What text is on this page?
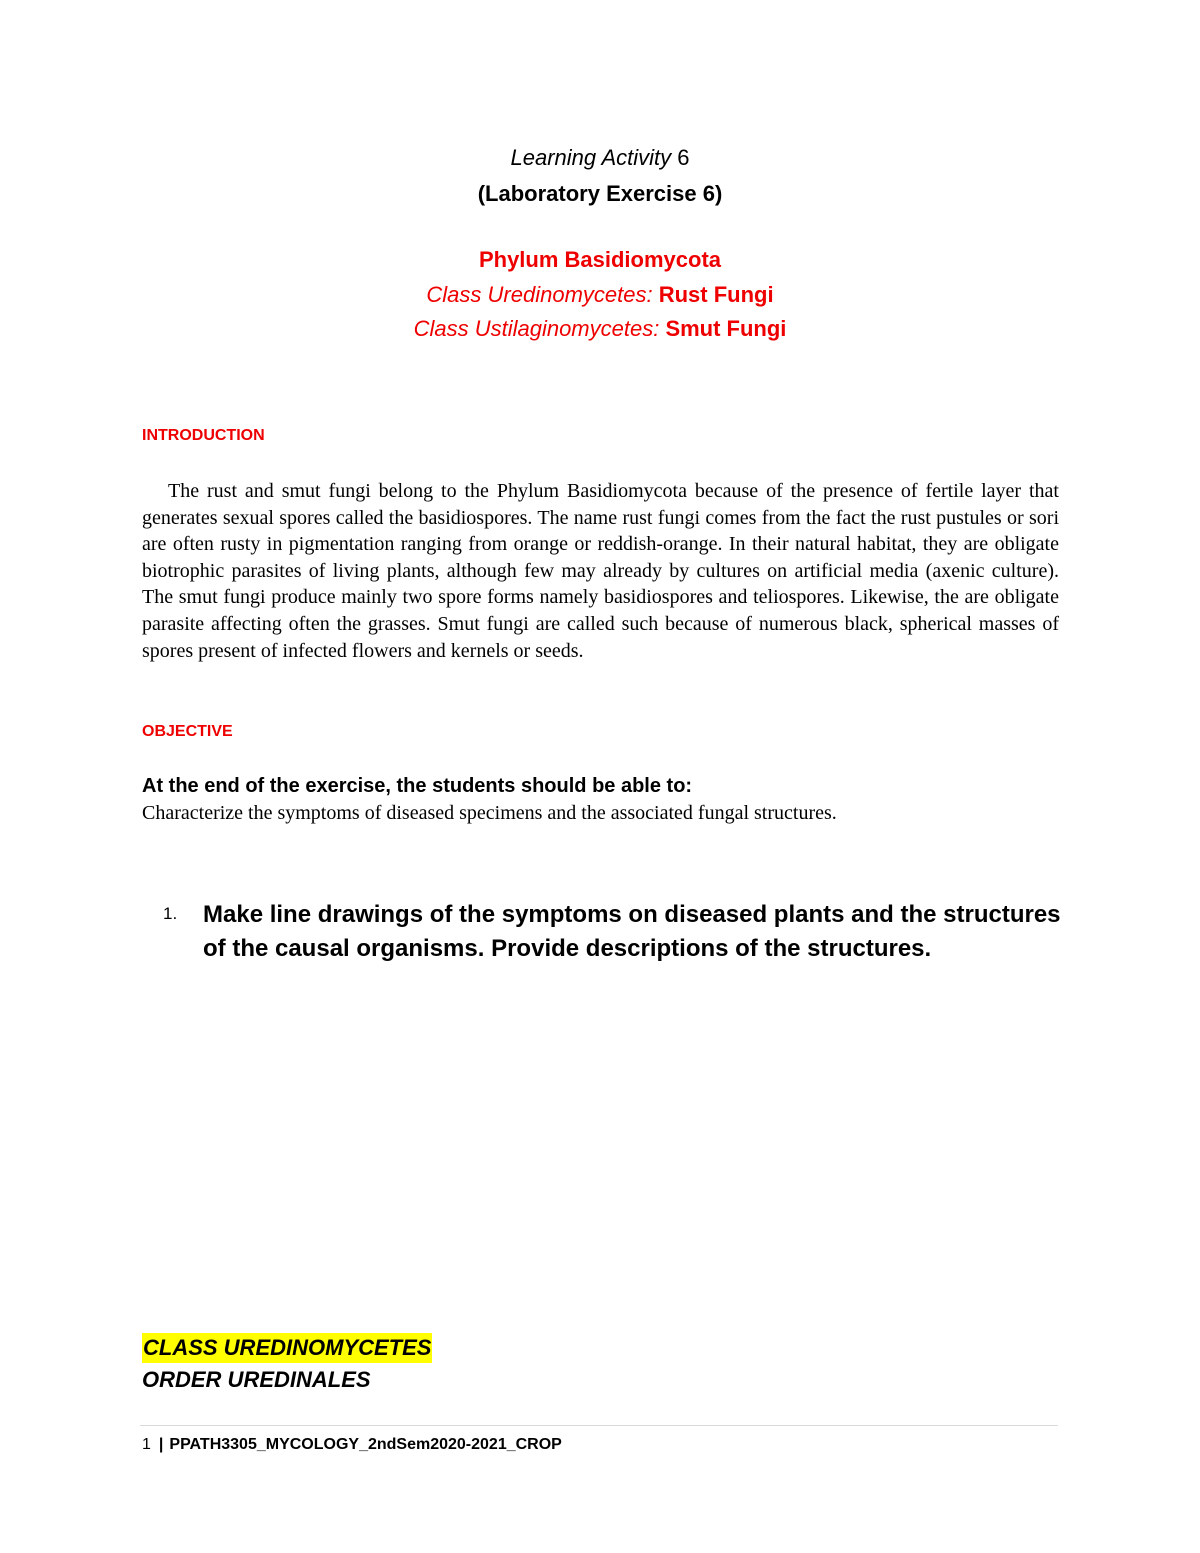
Learning Activity 6
(Laboratory Exercise 6)
Phylum Basidiomycota
Class Uredinomycetes: Rust Fungi
Class Ustilaginomycetes: Smut Fungi
INTRODUCTION

The rust and smut fungi belong to the Phylum Basidiomycota because of the presence of fertile layer that generates sexual spores called the basidiospores. The name rust fungi comes from the fact the rust pustules or sori are often rusty in pigmentation ranging from orange or reddish-orange. In their natural habitat, they are obligate biotrophic parasites of living plants, although few may already by cultures on artificial media (axenic culture). The smut fungi produce mainly two spore forms namely basidiospores and teliospores. Likewise, the are obligate parasite affecting often the grasses. Smut fungi are called such because of numerous black, spherical masses of spores present of infected flowers and kernels or seeds.

OBJECTIVE
At the end of the exercise, the students should be able to:
Characterize the symptoms of diseased specimens and the associated fungal structures.
1. Make line drawings of the symptoms on diseased plants and the structures of the causal organisms. Provide descriptions of the structures.

CLASS UREDINOMYCETES
ORDER UREDINALES
1 | PPATH3305_MYCOLOGY_2ndSem2020-2021_CROP
